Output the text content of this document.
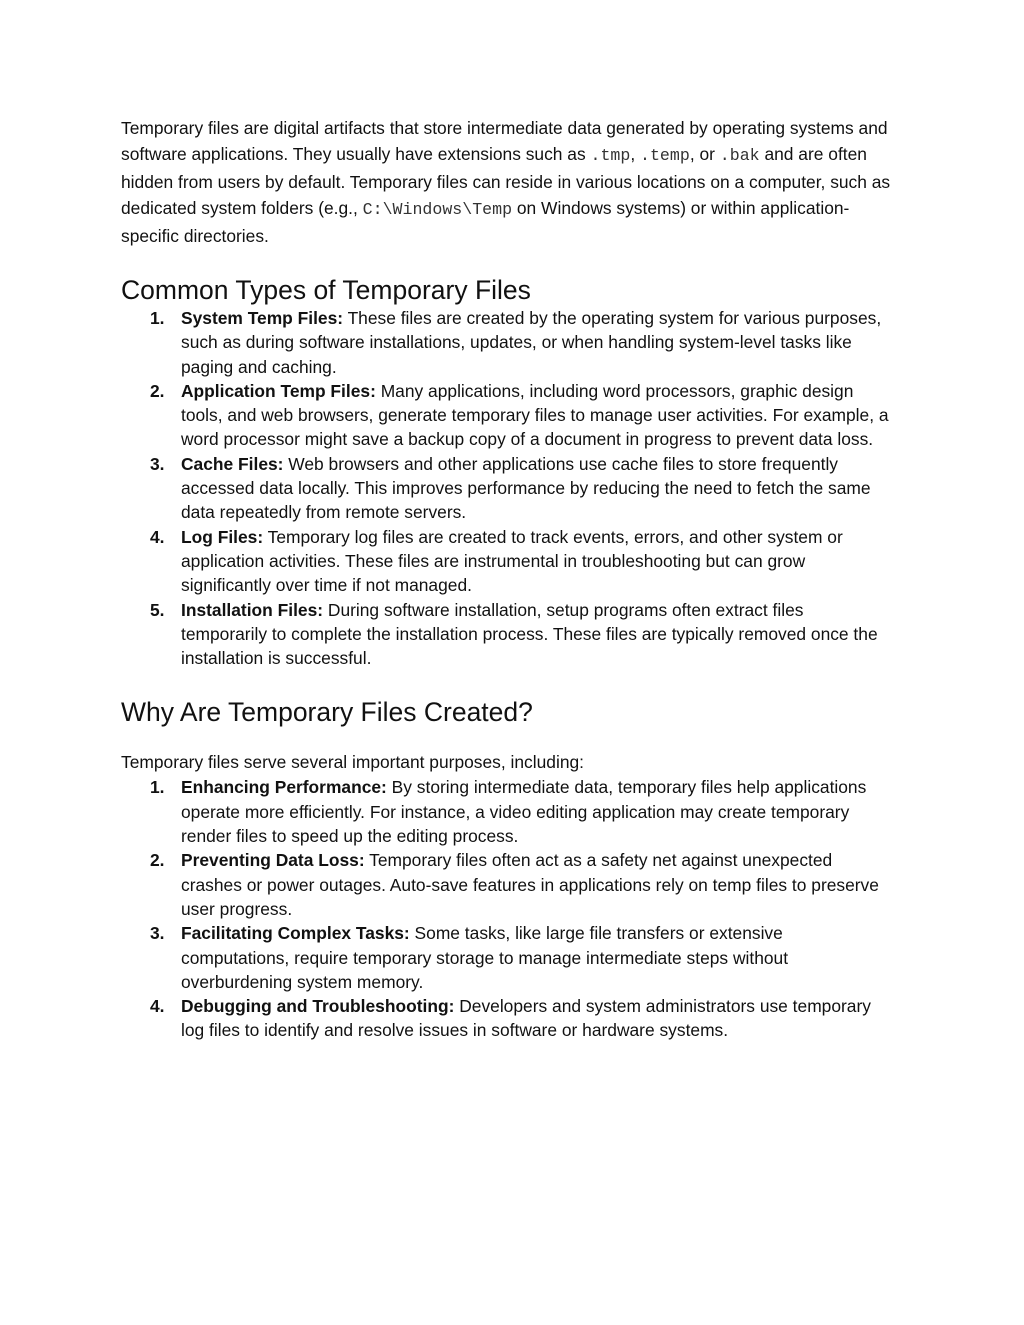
Temporary files are digital artifacts that store intermediate data generated by operating systems and software applications. They usually have extensions such as .tmp, .temp, or .bak and are often hidden from users by default. Temporary files can reside in various locations on a computer, such as dedicated system folders (e.g., C:\Windows\Temp on Windows systems) or within application-specific directories.

Common Types of Temporary Files
1. System Temp Files: These files are created by the operating system for various purposes, such as during software installations, updates, or when handling system-level tasks like paging and caching.
2. Application Temp Files: Many applications, including word processors, graphic design tools, and web browsers, generate temporary files to manage user activities. For example, a word processor might save a backup copy of a document in progress to prevent data loss.
3. Cache Files: Web browsers and other applications use cache files to store frequently accessed data locally. This improves performance by reducing the need to fetch the same data repeatedly from remote servers.
4. Log Files: Temporary log files are created to track events, errors, and other system or application activities. These files are instrumental in troubleshooting but can grow significantly over time if not managed.
5. Installation Files: During software installation, setup programs often extract files temporarily to complete the installation process. These files are typically removed once the installation is successful.
Why Are Temporary Files Created?

Temporary files serve several important purposes, including:

1. Enhancing Performance: By storing intermediate data, temporary files help applications operate more efficiently. For instance, a video editing application may create temporary render files to speed up the editing process.
2. Preventing Data Loss: Temporary files often act as a safety net against unexpected crashes or power outages. Auto-save features in applications rely on temp files to preserve user progress.
3. Facilitating Complex Tasks: Some tasks, like large file transfers or extensive computations, require temporary storage to manage intermediate steps without overburdening system memory.
4. Debugging and Troubleshooting: Developers and system administrators use temporary log files to identify and resolve issues in software or hardware systems.
